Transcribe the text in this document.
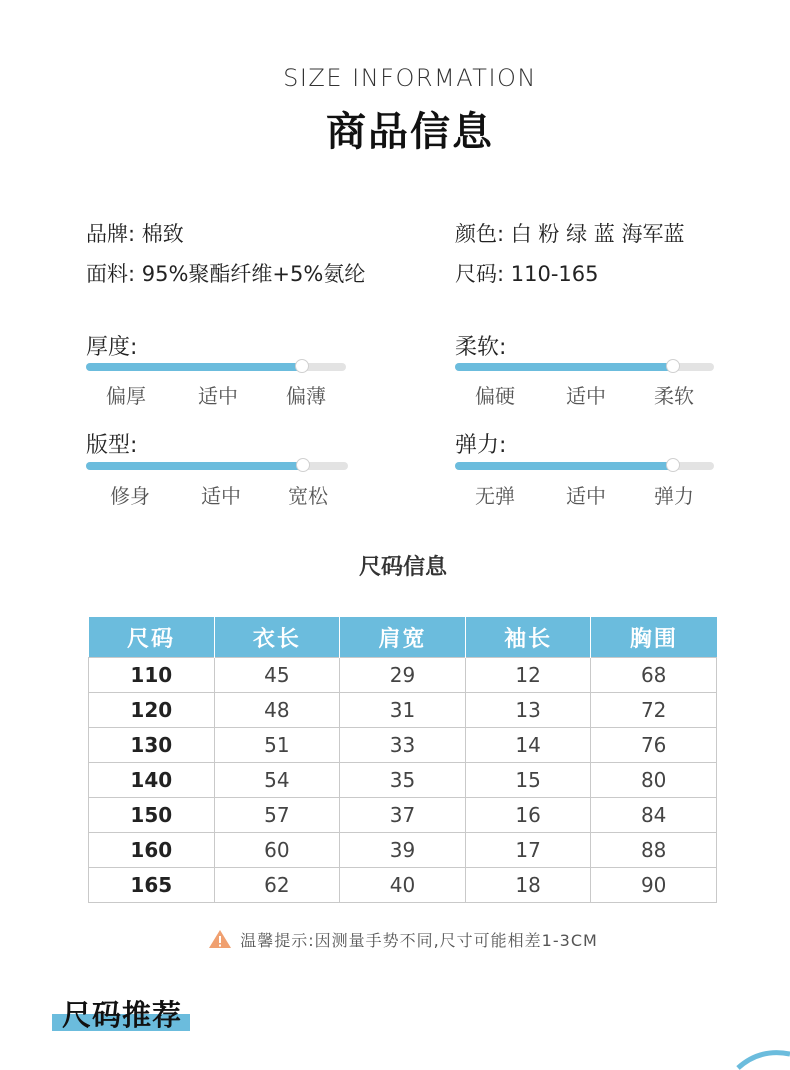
SIZE INFORMATION
商品信息
品牌: 棉致
面料: 95%聚酯纤维+5%氨纶
颜色: 白 粉 绿 蓝 海军蓝
尺码: 110-165
厚度:
偏厚	适中	偏薄
柔软:
偏硬	适中	柔软
版型:
修身	适中	宽松
弹力:
无弹	适中	弹力
尺码信息
尺码	衣长	肩宽	袖长	胸围
110	45	29	12	68
120	48	31	13	72
130	51	33	14	76
140	54	35	15	80
150	57	37	16	84
160	60	39	17	88
165	62	40	18	90
温馨提示:因测量手势不同,尺寸可能相差1-3CM
尺码推荐
